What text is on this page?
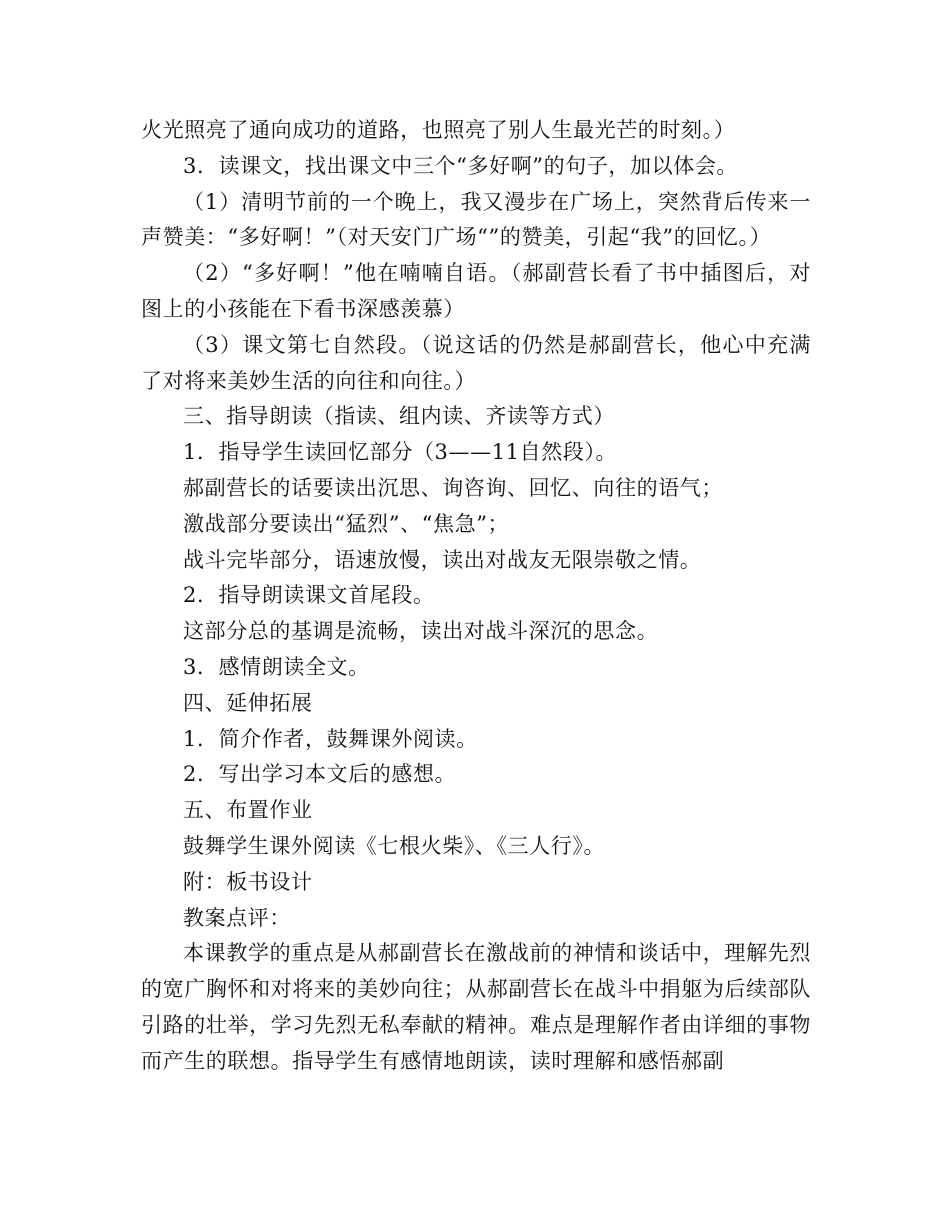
火光照亮了通向成功的道路，也照亮了别人生最光芒的时刻。）

3．读课文，找出课文中三个“多好啊”的句子，加以体会。

（1）清明节前的一个晚上，我又漫步在广场上，突然背后传来一声赞美：“多好啊！”（对天安门广场“”的赞美，引起“我”的回忆。）

（2）“多好啊！”他在喃喃自语。（郝副营长看了书中插图后，对图上的小孩能在下看书深感羡慕）

（3）课文第七自然段。（说这话的仍然是郝副营长，他心中充满了对将来美妙生活的向往和向往。）

三、指导朗读（指读、组内读、齐读等方式）

1．指导学生读回忆部分（3——11自然段）。

郝副营长的话要读出沉思、询咨询、回忆、向往的语气；

激战部分要读出“猛烈”、“焦急”；

战斗完毕部分，语速放慢，读出对战友无限崇敬之情。

2．指导朗读课文首尾段。

这部分总的基调是流畅，读出对战斗深沉的思念。

3．感情朗读全文。

四、延伸拓展

1．简介作者，鼓舞课外阅读。

2．写出学习本文后的感想。

五、布置作业

鼓舞学生课外阅读《七根火柴》、《三人行》。

附：板书设计

教案点评：

本课教学的重点是从郝副营长在激战前的神情和谈话中，理解先烈的宽广胸怀和对将来的美妙向往；从郝副营长在战斗中捐躯为后续部队引路的壮举，学习先烈无私奉献的精神。难点是理解作者由详细的事物而产生的联想。指导学生有感情地朗读，读时理解和感悟郝副
